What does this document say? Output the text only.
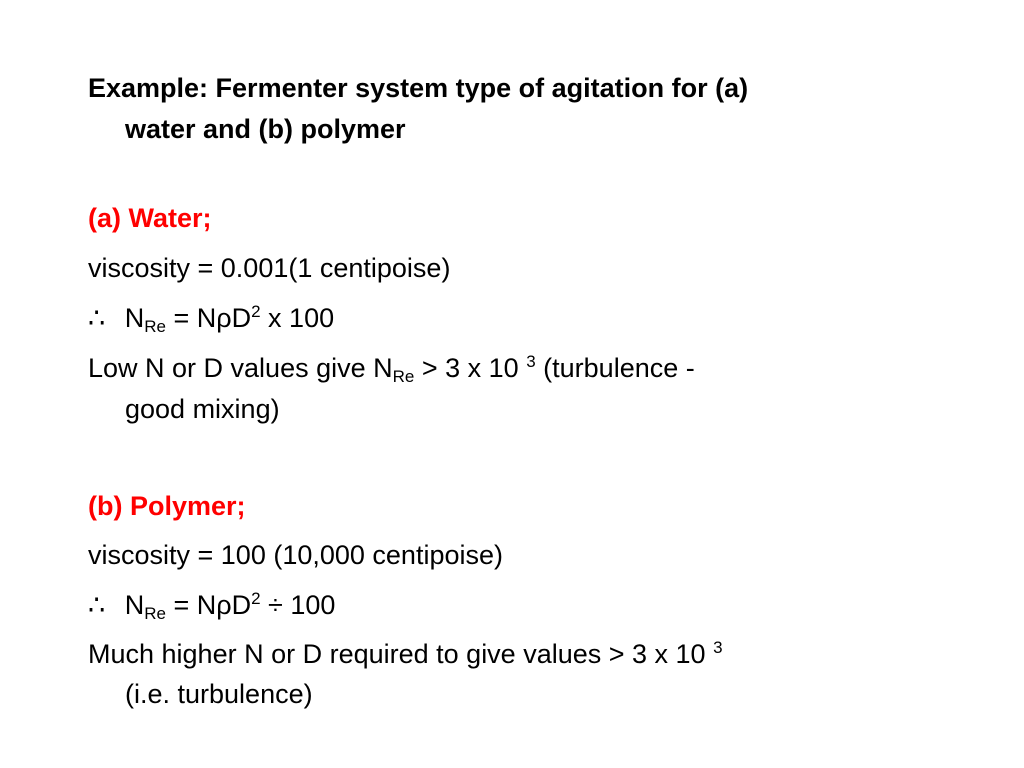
Example: Fermenter system type of agitation for (a)
water and (b) polymer
(a) Water;
viscosity = 0.001(1 centipoise)
∴ $N_{Re} = N\rho D^2$ x 100
Low N or D values give $N_{Re} > 3$ x 10 $^3$ (turbulence -
good mixing)
(b) Polymer;
viscosity = 100 (10,000 centipoise)
∴ $N_{Re} = N\rho D^2 \div 100$
Much higher N or D required to give values > 3 x 10 $^3$
(i.e. turbulence)
